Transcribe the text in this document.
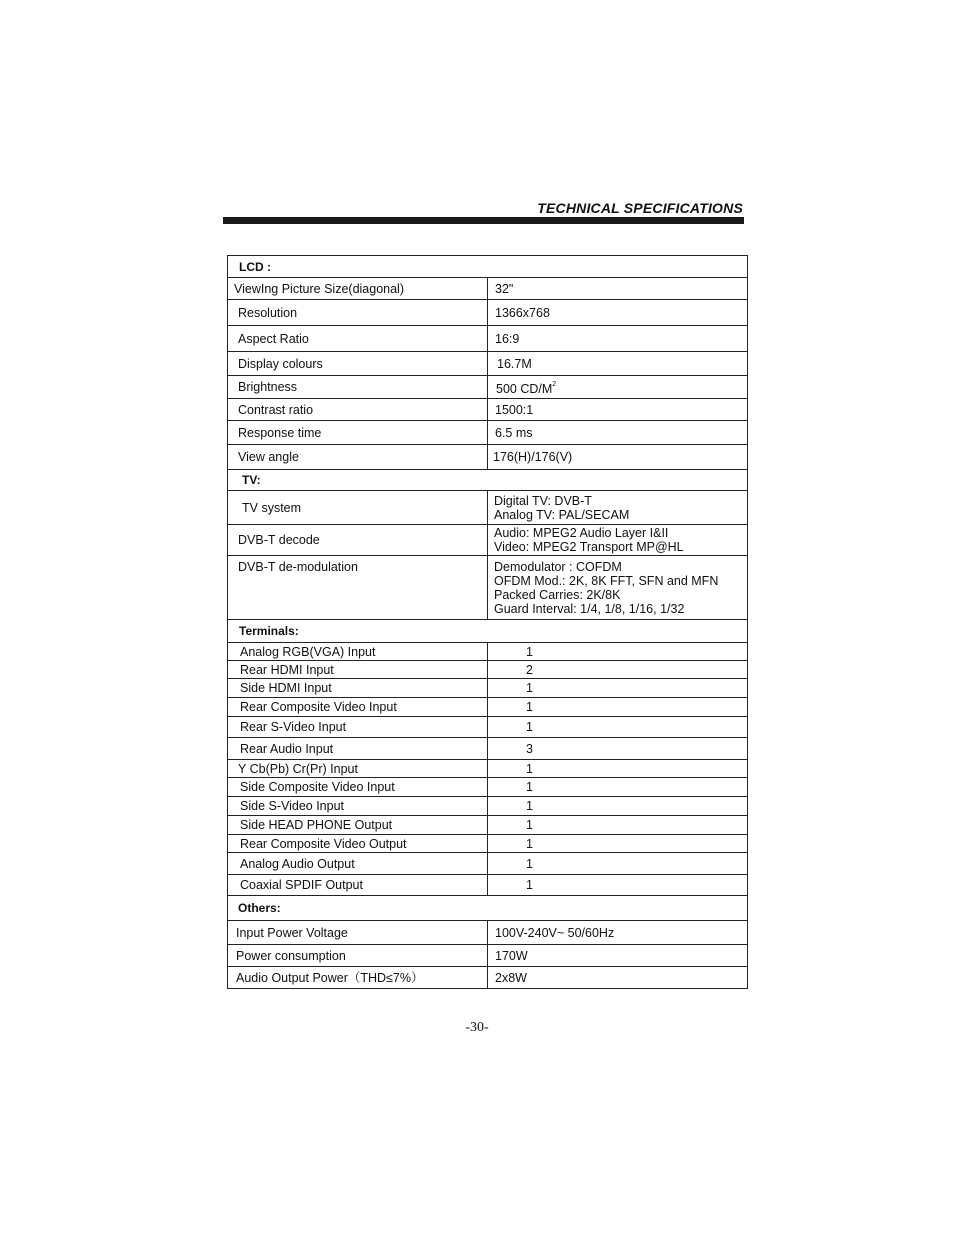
TECHNICAL SPECIFICATIONS
LCD :	
ViewIng Picture Size(diagonal)	32"
Resolution	1366x768
Aspect Ratio	16:9
Display colours	16.7M
Brightness	500 $CD/M^2$
Contrast ratio	1500:1
Response time	6.5 ms
View angle	176(H)/176(V)
TV:	
TV system	Digital TV: DVB-T
Analog TV: PAL/SECAM

DVB-T decode	Audio: MPEG2 Audio Layer I&II
Video: MPEG2 Transport MP@HL

DVB-T de-modulation	Demodulator : COFDM
OFDM Mod.: 2K, 8K FFT, SFN and MFN
Packed Carries: 2K/8K
Guard Interval: 1/4, 1/8, 1/16, 1/32

Terminals:	
Analog RGB(VGA) Input	1
Rear HDMI Input	2
Side HDMI Input	1
Rear Composite Video Input	1
Rear S-Video Input	1
Rear Audio Input	3
Y Cb(Pb) Cr(Pr) Input	1
Side Composite Video Input	1
Side S-Video Input	1
Side HEAD PHONE Output	1
Rear Composite Video Output	1
Analog Audio Output	1
Coaxial SPDIF Output	1
Others:	
Input Power Voltage	100V-240V~ 50/60Hz
Power consumption	170W
Audio Output Power（THD≤7%）	2x8W
-30-
